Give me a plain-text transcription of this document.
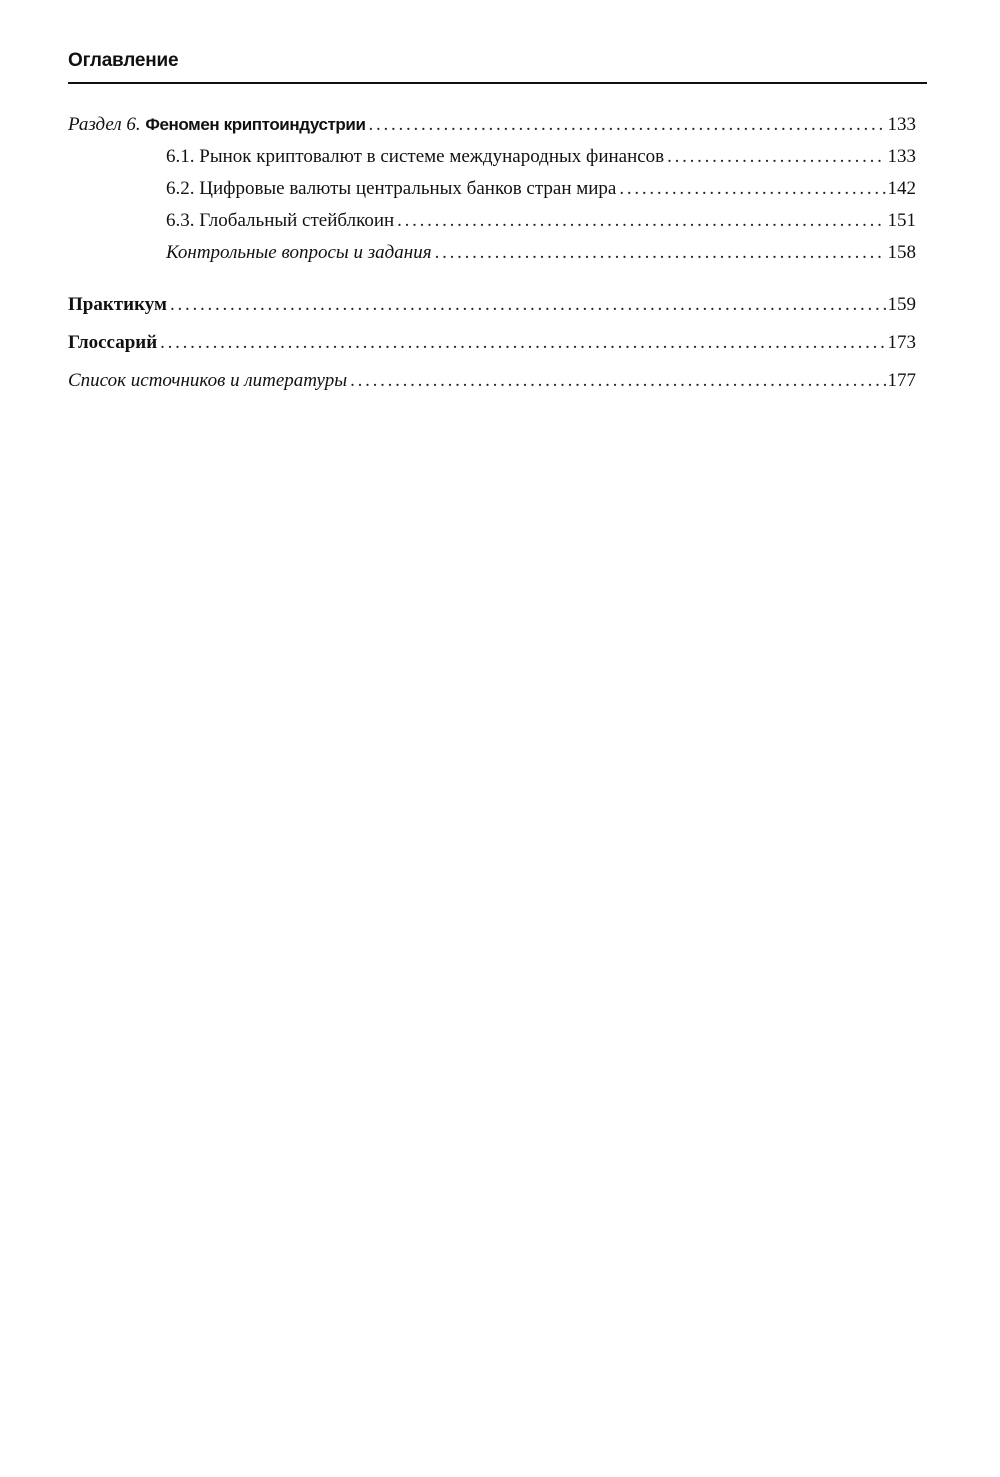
Оглавление
Раздел 6. Феномен криптоиндустрии . . .	133
6.1. Рынок криптовалют в системе международных финансов . . .	133
6.2. Цифровые валюты центральных банков стран мира . . .	142
6.3. Глобальный стейблкоин . . .	151
Контрольные вопросы и задания . . .	158
Практикум . . .	159
Глоссарий . . .	173
Список источников и литературы . . .	177
